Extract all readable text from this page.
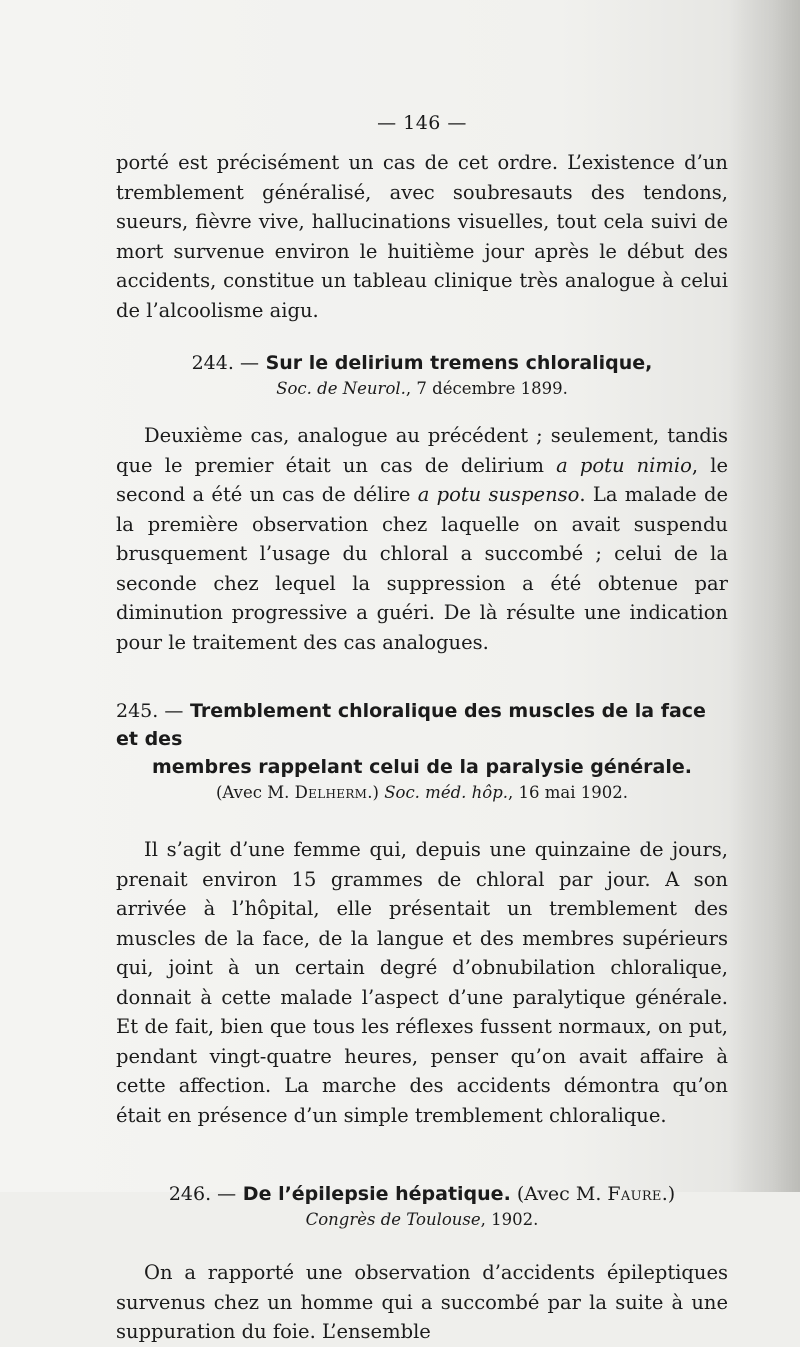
— 146 —

porté est précisément un cas de cet ordre. L’existence d’un tremblement généralisé, avec soubresauts des tendons, sueurs, fièvre vive, hallucinations visuelles, tout cela suivi de mort survenue environ le huitième jour après le début des accidents, constitue un tableau clinique très analogue à celui de l’alcoolisme aigu.

244. — Sur le delirium tremens chloralique,
Soc. de Neurol., 7 décembre 1899.

Deuxième cas, analogue au précédent ; seulement, tandis que le premier était un cas de delirium a potu nimio, le second a été un cas de délire a potu suspenso. La malade de la première observation chez laquelle on avait suspendu brusquement l’usage du chloral a succombé ; celui de la seconde chez lequel la suppression a été obtenue par diminution progressive a guéri. De là résulte une indication pour le traitement des cas analogues.

245. — Tremblement chloralique des muscles de la face et des
membres rappelant celui de la paralysie générale.
(Avec M. Delherm.) Soc. méd. hôp., 16 mai 1902.

Il s’agit d’une femme qui, depuis une quinzaine de jours, prenait environ 15 grammes de chloral par jour. A son arrivée à l’hôpital, elle présentait un tremblement des muscles de la face, de la langue et des membres supérieurs qui, joint à un certain degré d’obnubilation chloralique, donnait à cette malade l’aspect d’une paralytique générale. Et de fait, bien que tous les réflexes fussent normaux, on put, pendant vingt-quatre heures, penser qu’on avait affaire à cette affection. La marche des accidents démontra qu’on était en présence d’un simple tremblement chloralique.

246. — De l’épilepsie hépatique. (Avec M. Faure.)
Congrès de Toulouse, 1902.

On a rapporté une observation d’accidents épileptiques survenus chez un homme qui a succombé par la suite à une suppuration du foie. L’ensemble
